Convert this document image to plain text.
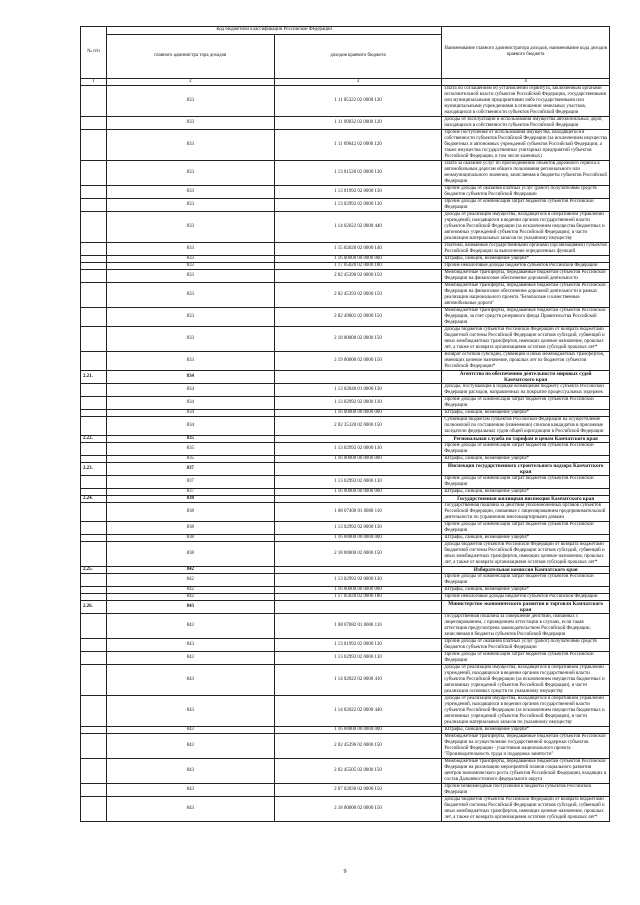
№ п/п	Код бюджетной классификации Российской Федерации		Наименование главного администратора доходов, наименование кода доходов краевого бюджета
	главного администра тора доходов	доходов краевого бюджета	
1	2	3	4
	833	1 11 05322 02 0000 120	Плата по соглашениям об установлении сервитута, заключенным органами исполнительной власти субъектов Российской Федерации, государственными или муниципальными предприятиями либо государственными или муниципальными учреждениями в отношении земельных участков, находящихся в собственности субъектов Российской Федерации
	833	1 11 09032 02 0000 120	Доходы от эксплуатации и использования имущества автомобильных дорог, находящихся в собственности субъектов Российской Федерации
	833	1 11 09042 02 0000 120	Прочие поступления от использования имущества, находящегося в собственности субъектов Российской Федерации (за исключением имущества бюджетных и автономных учреждений субъектов Российской Федерации, а также имущества государственных унитарных предприятий субъектов Российской Федерации, в том числе казенных)
	833	1 13 01520 02 0000 130	Плата за оказание услуг по присоединению объектов дорожного сервиса к автомобильным дорогам общего пользования регионального или межмуниципального значения, зачисляемая в бюджеты субъектов Российской Федерации
	833	1 13 01992 02 0000 130	Прочие доходы от оказания платных услуг (работ) получателями средств бюджетов субъектов Российской Федерации
	833	1 13 02992 02 0000 130	Прочие доходы от компенсации затрат бюджетов субъектов Российской Федерации
	833	1 14 02022 02 0000 440	Доходы от реализации имущества, находящегося в оперативном управлении учреждений, находящихся в ведении органов государственной власти субъектов Российской Федерации (за исключением имущества бюджетных и автономных учреждений субъектов Российской Федерации), в части реализации материальных запасов по указанному имуществу
	833	1 15 02020 02 0000 140	Платежи, взимаемые государственными органами (организациями) субъектов Российской Федерации за выполнение определенных функций
	833	1 16 00000 00 0000 000	Штрафы, санкции, возмещение ущерба*
	833	1 17 05020 02 0000 180	Прочие неналоговые доходы бюджетов субъектов Российской Федерации
	833	2 02 45390 02 0000 150	Межбюджетные трансферты, передаваемые бюджетам субъектов Российской Федерации на финансовое обеспечение дорожной деятельности
	833	2 02 45393 02 0000 150	Межбюджетные трансферты, передаваемые бюджетам субъектов Российской Федерации на финансовое обеспечение дорожной деятельности в рамках реализации национального проекта "Безопасные и качественные автомобильные дороги"
	833	2 02 49001 02 0000 150	Межбюджетные трансферты, передаваемые бюджетам субъектов Российской Федерации, за счет средств резервного фонда Правительства Российской Федерации
	833	2 18 00000 02 0000 150	Доходы бюджетов субъектов Российской Федерации от возврата бюджетами бюджетной системы Российской Федерации остатков субсидий, субвенций и иных межбюджетных трансфертов, имеющих целевое назначение, прошлых лет, а также от возврата организациями остатков субсидий прошлых лет*
	833	2 19 00000 02 0000 150	Возврат остатков субсидий, субвенций и иных межбюджетных трансфертов, имеющих целевое назначение, прошлых лет из бюджетов субъектов Российской Федерации*
2.21.	834		Агентство по обеспечению деятельности мировых судей Камчатского края
	834	1 13 02040 01 0000 130	Доходы, поступающие в порядке возмещения бюджету субъекта Российской Федерации расходов, направленных на покрытие процессуальных издержек
	834	1 13 02992 02 0000 130	Прочие доходы от компенсации затрат бюджетов субъектов Российской Федерации
	834	1 16 00000 00 0000 000	Штрафы, санкции, возмещение ущерба*
	834	2 02 35120 02 0000 150	Субвенции бюджетам субъектов Российской Федерации на осуществление полномочий по составлению (изменению) списков кандидатов в присяжные заседатели федеральных судов общей юрисдикции в Российской Федерации
2.22.	835		Региональная служба по тарифам и ценам Камчатского края
	835	1 13 02992 02 0000 130	Прочие доходы от компенсации затрат бюджетов субъектов Российской Федерации
	835	1 16 00000 00 0000 000	Штрафы, санкции, возмещение ущерба*
2.23.	837		Инспекция государственного строительного надзора Камчатского края
	837	1 13 02992 02 0000 130	Прочие доходы от компенсации затрат бюджетов субъектов Российской Федерации
	837	1 16 00000 00 0000 000	Штрафы, санкции, возмещение ущерба*
2.24.	838		Государственная жилищная инспекция Камчатского края
	838	1 08 07400 01 0000 110	Государственная пошлина за действия уполномоченных органов субъектов Российской Федерации, связанные с лицензированием предпринимательской деятельности по управлению многоквартирными домами
	838	1 13 02992 02 0000 130	Прочие доходы от компенсации затрат бюджетов субъектов Российской Федерации
	838	1 16 00000 00 0000 000	Штрафы, санкции, возмещение ущерба*
	838	2 18 00000 02 0000 150	Доходы бюджетов субъектов Российской Федерации от возврата бюджетами бюджетной системы Российской Федерации остатков субсидий, субвенций и иных межбюджетных трансфертов, имеющих целевое назначение, прошлых лет, а также от возврата организациями остатков субсидий прошлых лет*
2.25.	842		Избирательная комиссия Камчатского края
	842	1 13 02992 02 0000 130	Прочие доходы от компенсации затрат бюджетов субъектов Российской Федерации
	842	1 16 00000 00 0000 000	Штрафы, санкции, возмещение ущерба*
	842	1 17 05020 02 0000 180	Прочие неналоговые доходы бюджетов субъектов Российской Федерации
2.26.	843		Министерство экономического развития и торговли Камчатского края
	843	1 08 07082 01 0000 110	Государственная пошлина за совершение действий, связанных с лицензированием, с проведением аттестации в случаях, если такая аттестация предусмотрена законодательством Российской Федерации, зачисляемая в бюджеты субъектов Российской Федерации
	843	1 13 01992 02 0000 130	Прочие доходы от оказания платных услуг (работ) получателями средств бюджетов субъектов Российской Федерации
	843	1 13 02992 02 0000 130	Прочие доходы от компенсации затрат бюджетов субъектов Российской Федерации
	843	1 14 02022 02 0000 410	Доходы от реализации имущества, находящегося в оперативном управлении учреждений, находящихся в ведении органов государственной власти субъектов Российской Федерации (за исключением имущества бюджетных и автономных учреждений субъектов Российской Федерации), в части реализации основных средств по указанному имуществу
	843	1 14 02022 02 0000 440	Доходы от реализации имущества, находящегося в оперативном управлении учреждений, находящихся в ведении органов государственной власти субъектов Российской Федерации (за исключением имущества бюджетных и автономных учреждений субъектов Российской Федерации), в части реализации материальных запасов по указанному имуществу
	843	1 16 00000 00 0000 000	Штрафы, санкции, возмещение ущерба*
	843	2 02 45296 02 0000 150	Межбюджетные трансферты, передаваемые бюджетам субъектов Российской Федерации на осуществление государственной поддержки субъектов Российской Федерации - участников национального проекта "Производительность труда и поддержка занятости"
	843	2 02 45505 02 0000 150	Межбюджетные трансферты, передаваемые бюджетам субъектов Российской Федерации на реализацию мероприятий планов социального развития центров экономического роста субъектов Российской Федерации, входящих в состав Дальневосточного федерального округа
	843	2 07 02030 02 0000 150	Прочие безвозмездные поступления в бюджеты субъектов Российской Федерации
	843	2 18 00000 02 0000 150	Доходы бюджетов субъектов Российской Федерации от возврата бюджетами бюджетной системы Российской Федерации остатков субсидий, субвенций и иных межбюджетных трансфертов, имеющих целевое назначение, прошлых лет, а также от возврата организациями остатков субсидий прошлых лет*
9
